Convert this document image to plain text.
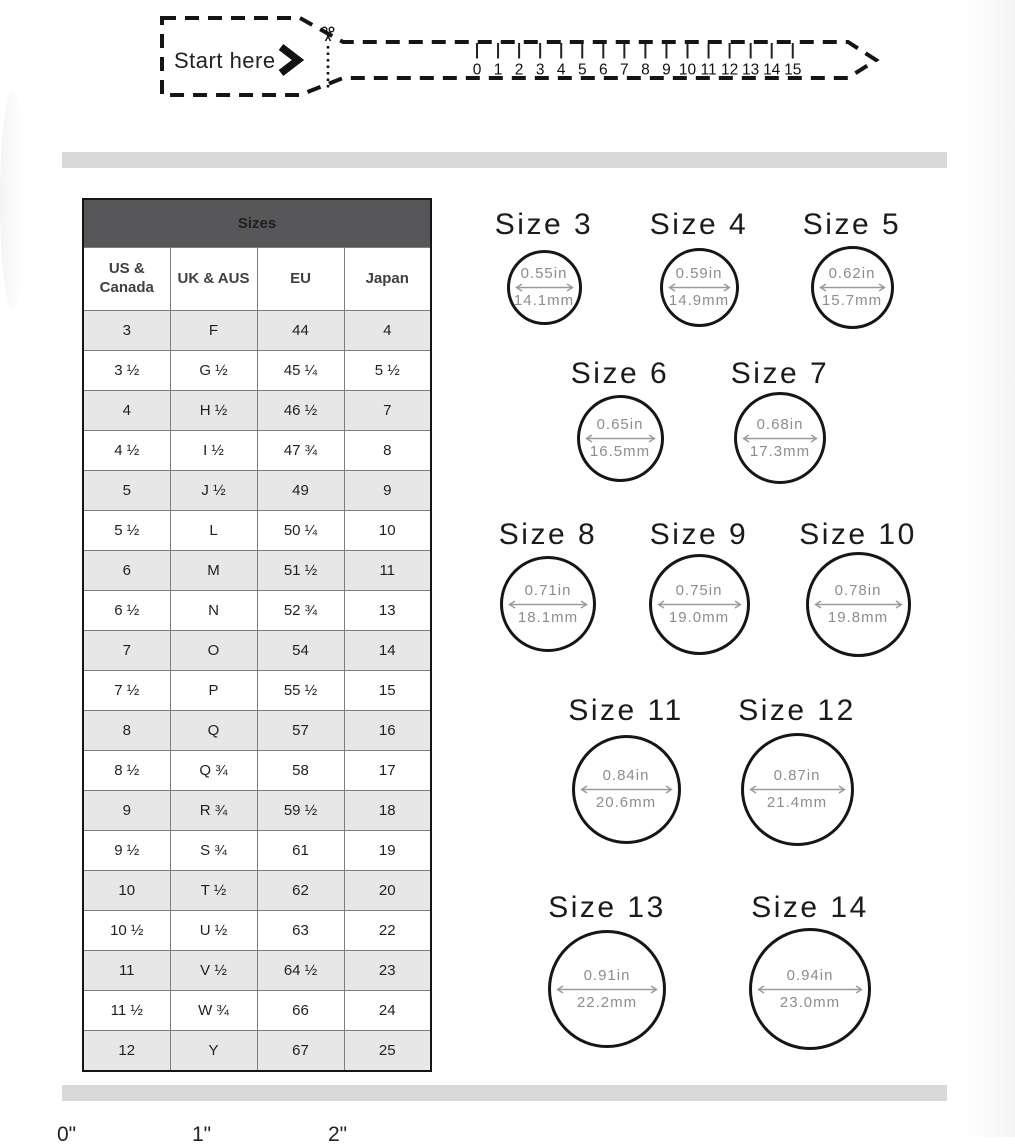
Start here	0 1 2 3 4 5 6 7 8 9 10 11 12 13 14 15
Sizes			
US & Canada	UK & AUS	EU	Japan
3	F	44	4
3 ½	G ½	45 ¼	5 ½
4	H ½	46 ½	7
4 ½	I ½	47 ¾	8
5	J ½	49	9
5 ½	L	50 ¼	10
6	M	51 ½	11
6 ½	N	52 ¾	13
7	O	54	14
7 ½	P	55 ½	15
8	Q	57	16
8 ½	Q ¾	58	17
9	R ¾	59 ½	18
9 ½	S ¾	61	19
10	T ½	62	20
10 ½	U ½	63	22
11	V ½	64 ½	23
11 ½	W ¾	66	24
12	Y	67	25
Size 3
0.55in
14.1mm
Size 4
0.59in
14.9mm
Size 5
0.62in
15.7mm
Size 6
0.65in
16.5mm
Size 7
0.68in
17.3mm
Size 8
0.71in
18.1mm
Size 9
0.75in
19.0mm
Size 10
0.78in
19.8mm
Size 11
0.84in
20.6mm
Size 12
0.87in
21.4mm
Size 13
0.91in
22.2mm
Size 14
0.94in
23.0mm
0"	1"	2"
